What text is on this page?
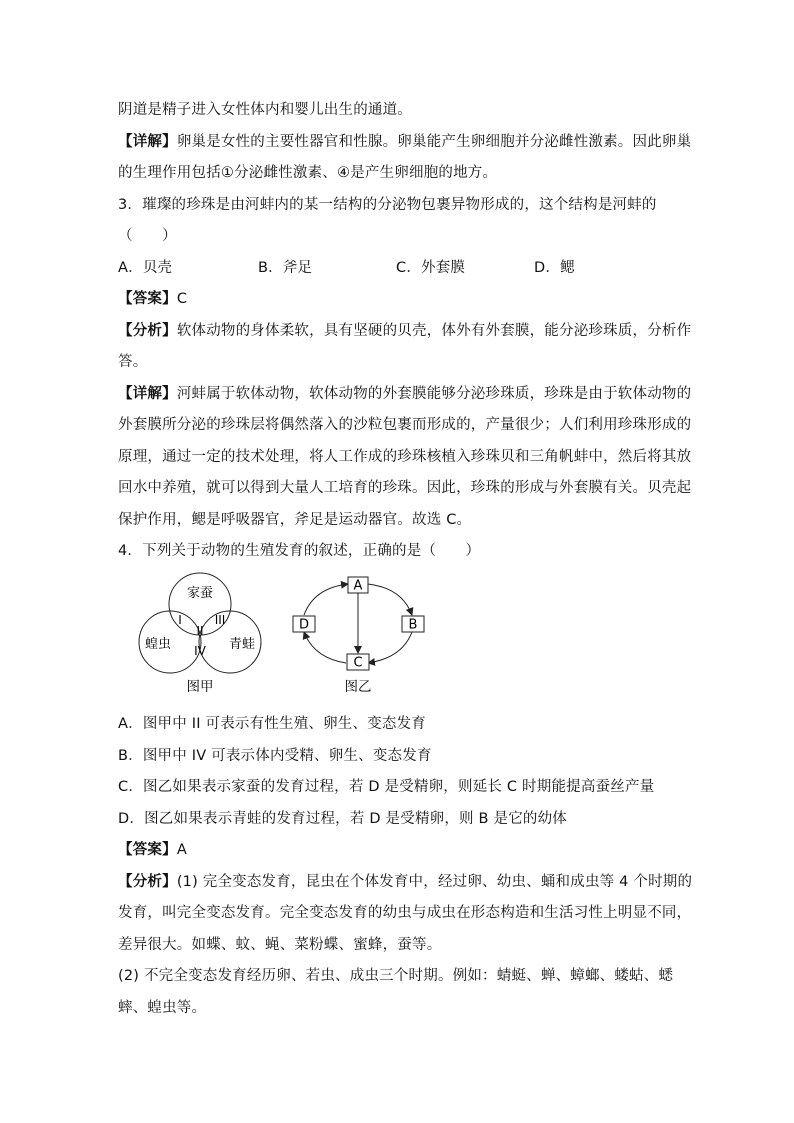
阴道是精子进入女性体内和婴儿出生的通道。
【详解】卵巢是女性的主要性器官和性腺。卵巢能产生卵细胞并分泌雌性激素。因此卵巢
的生理作用包括①分泌雌性激素、④是产生卵细胞的地方。
3．璀璨的珍珠是由河蚌内的某一结构的分泌物包裹异物形成的，这个结构是河蚌的
（　　）
A．贝壳	B．斧足	C．外套膜	D．鳃
【答案】C
【分析】软体动物的身体柔软，具有坚硬的贝壳，体外有外套膜，能分泌珍珠质，分析作
答。
【详解】河蚌属于软体动物，软体动物的外套膜能够分泌珍珠质，珍珠是由于软体动物的
外套膜所分泌的珍珠层将偶然落入的沙粒包裹而形成的，产量很少；人们利用珍珠形成的
原理，通过一定的技术处理，将人工作成的珍珠核植入珍珠贝和三角帆蚌中，然后将其放
回水中养殖，就可以得到大量人工培育的珍珠。因此，珍珠的形成与外套膜有关。贝壳起
保护作用，鳃是呼吸器官，斧足是运动器官。故选 C。
4．下列关于动物的生殖发育的叙述，正确的是（　　）
家蚕
蝗虫	青蛙
I
II
III
IV
图甲
A
B
C
D
图乙
A．图甲中 II 可表示有性生殖、卵生、变态发育
B．图甲中 IV 可表示体内受精、卵生、变态发育
C．图乙如果表示家蚕的发育过程，若 D 是受精卵，则延长 C 时期能提高蚕丝产量
D．图乙如果表示青蛙的发育过程，若 D 是受精卵，则 B 是它的幼体
【答案】A
【分析】(1) 完全变态发育，昆虫在个体发育中，经过卵、幼虫、蛹和成虫等 4 个时期的
发育，叫完全变态发育。完全变态发育的幼虫与成虫在形态构造和生活习性上明显不同，
差异很大。如蝶、蚊、蝇、菜粉蝶、蜜蜂，蚕等。
(2) 不完全变态发育经历卵、若虫、成虫三个时期。例如：蜻蜓、蝉、蟑螂、蝼蛄、蟋
蟀、蝗虫等。
